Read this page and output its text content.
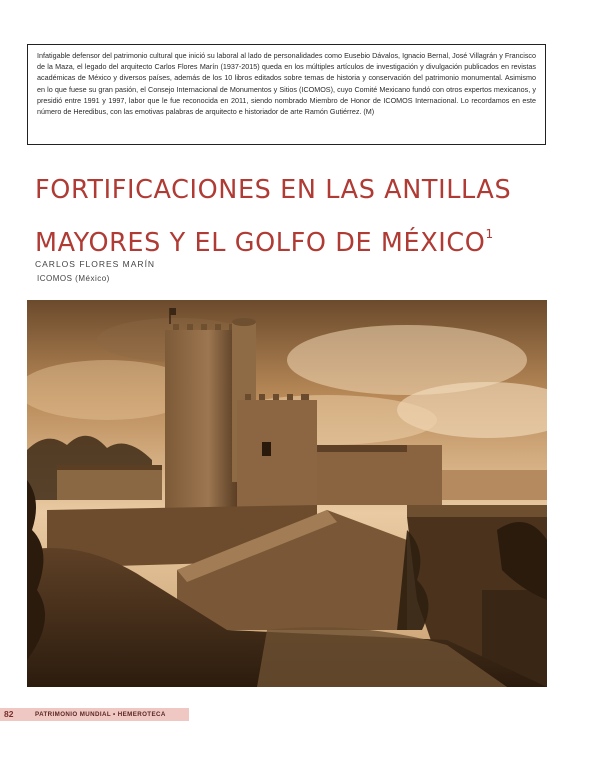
Infatigable defensor del patrimonio cultural que inició su laboral al lado de personalidades como Eusebio Dávalos, Ignacio Bernal, José Villagrán y Francisco de la Maza, el legado del arquitecto Carlos Flores Marín (1937-2015) queda en los múltiples artículos de investigación y divulgación publicados en revistas académicas de México y diversos países, además de los 10 libros editados sobre temas de historia y conservación del patrimonio monumental. Asimismo en lo que fuese su gran pasión, el Consejo Internacional de Monumentos y Sitios (ICOMOS), cuyo Comité Mexicano fundó con otros expertos mexicanos, y presidió entre 1991 y 1997, labor que le fue reconocida en 2011, siendo nombrado Miembro de Honor de ICOMOS Internacional. Lo recordamos en este número de Heredibus, con las emotivas palabras de arquitecto e historiador de arte Ramón Gutiérrez. (M)
FORTIFICACIONES EN LAS ANTILLAS
MAYORES Y EL GOLFO DE MÉXICO$^1$
CARLOS FLORES MARÍN
ICOMOS (México)
82	PATRIMONIO MUNDIAL • HEMEROTECA
